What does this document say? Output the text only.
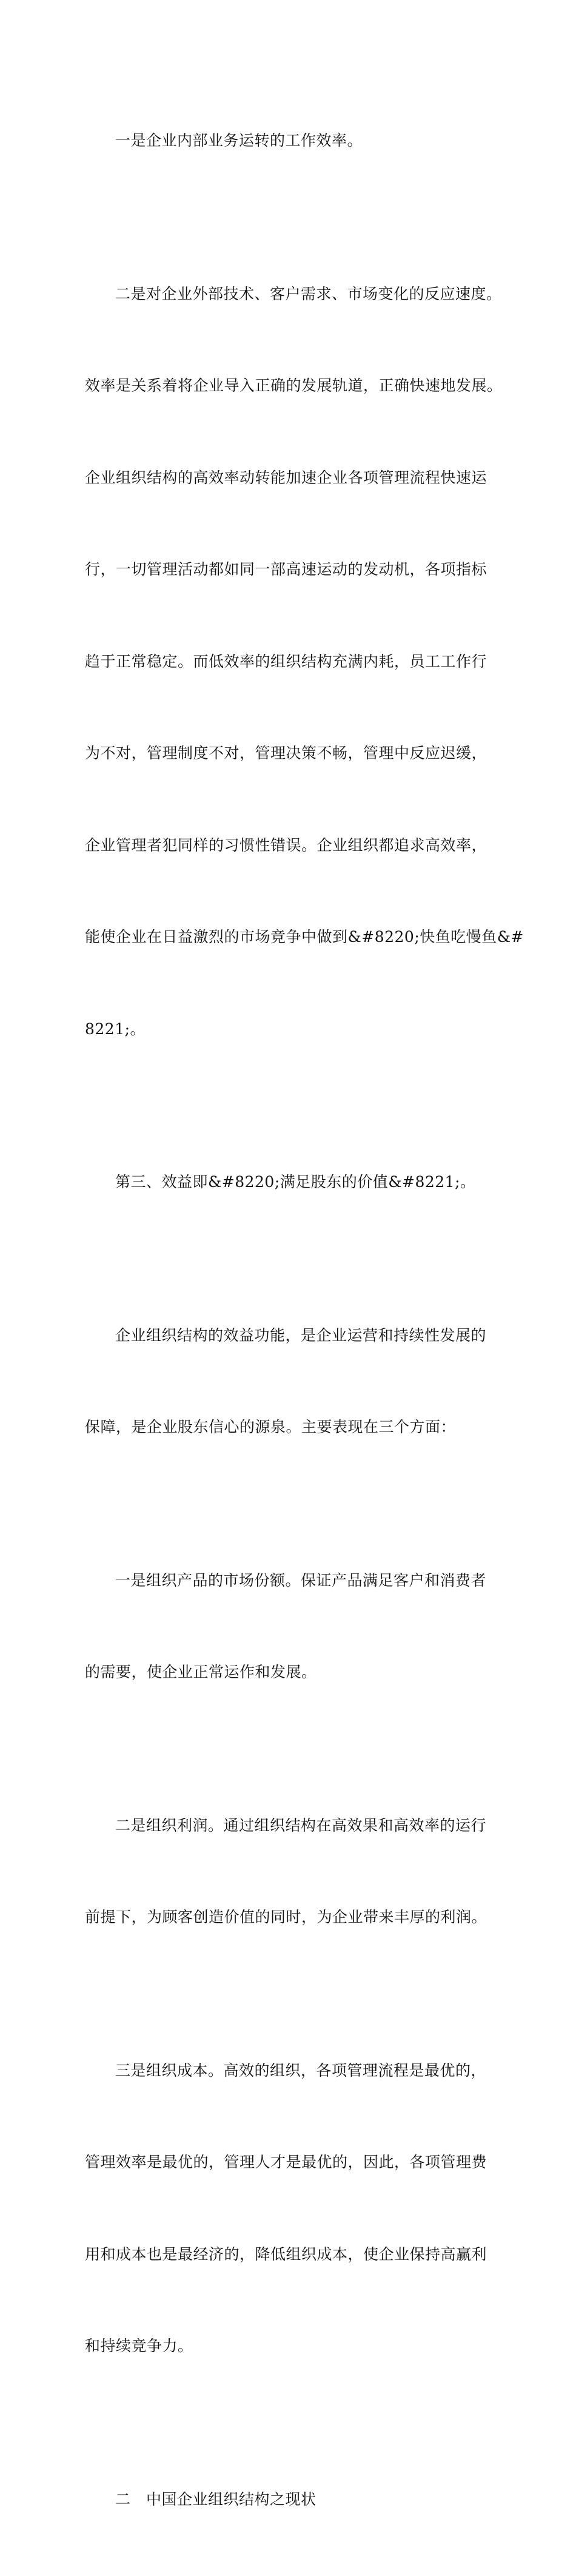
一是企业内部业务运转的工作效率。

二是对企业外部技术、客户需求、市场变化的反应速度。

效率是关系着将企业导入正确的发展轨道，正确快速地发展。

企业组织结构的高效率动转能加速企业各项管理流程快速运

行，一切管理活动都如同一部高速运动的发动机，各项指标

趋于正常稳定。而低效率的组织结构充满内耗，员工工作行

为不对，管理制度不对，管理决策不畅，管理中反应迟缓，

企业管理者犯同样的习惯性错误。企业组织都追求高效率，

能使企业在日益激烈的市场竞争中做到&#8220;快鱼吃慢鱼&#

8221;。

第三、效益即&#8220;满足股东的价值&#8221;。

企业组织结构的效益功能，是企业运营和持续性发展的

保障，是企业股东信心的源泉。主要表现在三个方面：

一是组织产品的市场份额。保证产品满足客户和消费者

的需要，使企业正常运作和发展。

二是组织利润。通过组织结构在高效果和高效率的运行

前提下，为顾客创造价值的同时，为企业带来丰厚的利润。

三是组织成本。高效的组织，各项管理流程是最优的，

管理效率是最优的，管理人才是最优的，因此，各项管理费

用和成本也是最经济的，降低组织成本，使企业保持高赢利

和持续竞争力。

二　中国企业组织结构之现状
